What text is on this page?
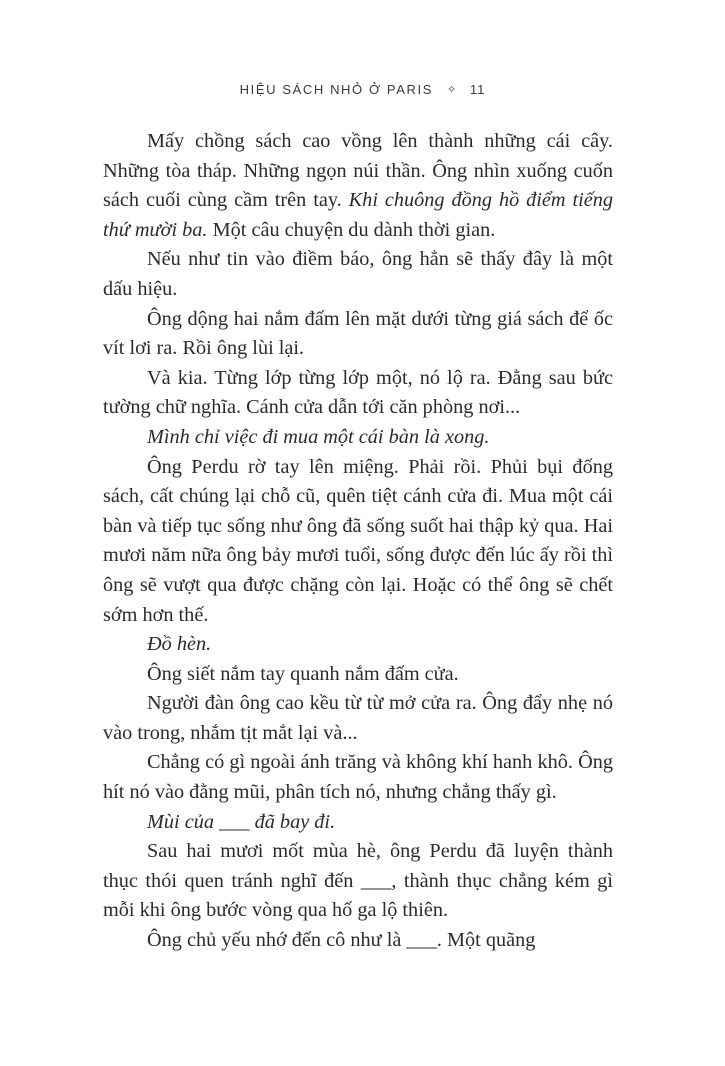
HIỆU SÁCH NHỎ Ở PARIS ✧ 11

Mấy chồng sách cao vồng lên thành những cái cây. Những tòa tháp. Những ngọn núi thần. Ông nhìn xuống cuốn sách cuối cùng cầm trên tay. Khi chuông đồng hồ điểm tiếng thứ mười ba. Một câu chuyện du dành thời gian.

Nếu như tin vào điềm báo, ông hẳn sẽ thấy đây là một dấu hiệu.

Ông dộng hai nắm đấm lên mặt dưới từng giá sách để ốc vít lơi ra. Rồi ông lùi lại.

Và kia. Từng lớp từng lớp một, nó lộ ra. Đằng sau bức tường chữ nghĩa. Cánh cửa dẫn tới căn phòng nơi...

Mình chỉ việc đi mua một cái bàn là xong.

Ông Perdu rờ tay lên miệng. Phải rồi. Phủi bụi đống sách, cất chúng lại chỗ cũ, quên tiệt cánh cửa đi. Mua một cái bàn và tiếp tục sống như ông đã sống suốt hai thập kỷ qua. Hai mươi năm nữa ông bảy mươi tuổi, sống được đến lúc ấy rồi thì ông sẽ vượt qua được chặng còn lại. Hoặc có thể ông sẽ chết sớm hơn thế.

Đồ hèn.

Ông siết nắm tay quanh nắm đấm cửa.

Người đàn ông cao kều từ từ mở cửa ra. Ông đẩy nhẹ nó vào trong, nhắm tịt mắt lại và...

Chẳng có gì ngoài ánh trăng và không khí hanh khô. Ông hít nó vào đằng mũi, phân tích nó, nhưng chẳng thấy gì.

Mùi của ___ đã bay đi.

Sau hai mươi mốt mùa hè, ông Perdu đã luyện thành thục thói quen tránh nghĩ đến ___, thành thục chẳng kém gì mỗi khi ông bước vòng qua hố ga lộ thiên.

Ông chủ yếu nhớ đến cô như là ___. Một quãng
